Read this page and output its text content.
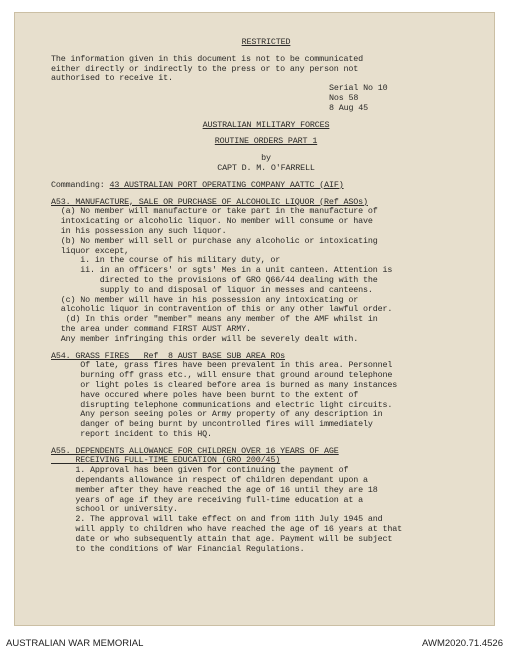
RESTRICTED
The information given in this document is not to be communicated
either directly or indirectly to the press or to any person not
authorised to receive it.
Serial No 10
Nos 58
8 Aug 45
AUSTRALIAN MILITARY FORCES
ROUTINE ORDERS PART 1
by
CAPT D. M. O'FARRELL
Commanding: 43 AUSTRALIAN PORT OPERATING COMPANY AATTC (AIF)
A53. MANUFACTURE, SALE OR PURCHASE OF ALCOHOLIC LIQUOR (Ref ASOs)
(a) No member will manufacture or take part in the manufacture of
intoxicating or alcoholic liquor. No member will consume or have
in his possession any such liquor.
(b) No member will sell or purchase any alcoholic or intoxicating
liquor except,
i. in the course of his military duty, or
ii. in an officers' or sgts' Mes in a unit canteen. Attention is
directed to the provisions of GRO Q66/44 dealing with the
supply to and disposal of liquor in messes and canteens.
(c) No member will have in his possession any intoxicating or
alcoholic liquor in contravention of this or any other lawful order.
(d) In this order "member" means any member of the AMF whilst in
the area under command FIRST AUST ARMY.
Any member infringing this order will be severely dealt with.
A54. GRASS FIRES   Ref  8 AUST BASE SUB AREA ROs
Of late, grass fires have been prevalent in this area. Personnel
burning off grass etc., will ensure that ground around telephone
or light poles is cleared before area is burned as many instances
have occured where poles have been burnt to the extent of
disrupting telephone communications and electric light circuits.
Any person seeing poles or Army property of any description in
danger of being burnt by uncontrolled fires will immediately
report incident to this HQ.
A55. DEPENDENTS ALLOWANCE FOR CHILDREN OVER 16 YEARS OF AGE
RECEIVING FULL-TIME EDUCATION (GRO 200/45)
1. Approval has been given for continuing the payment of
dependants allowance in respect of children dependant upon a
member after they have reached the age of 16 until they are 18
years of age if they are receiving full-time education at a
school or university.
2. The approval will take effect on and from 11th July 1945 and
will apply to children who have reached the age of 16 years at that
date or who subsequently attain that age. Payment will be subject
to the conditions of War Financial Regulations.
AUSTRALIAN WAR MEMORIAL	AWM2020.71.4526
